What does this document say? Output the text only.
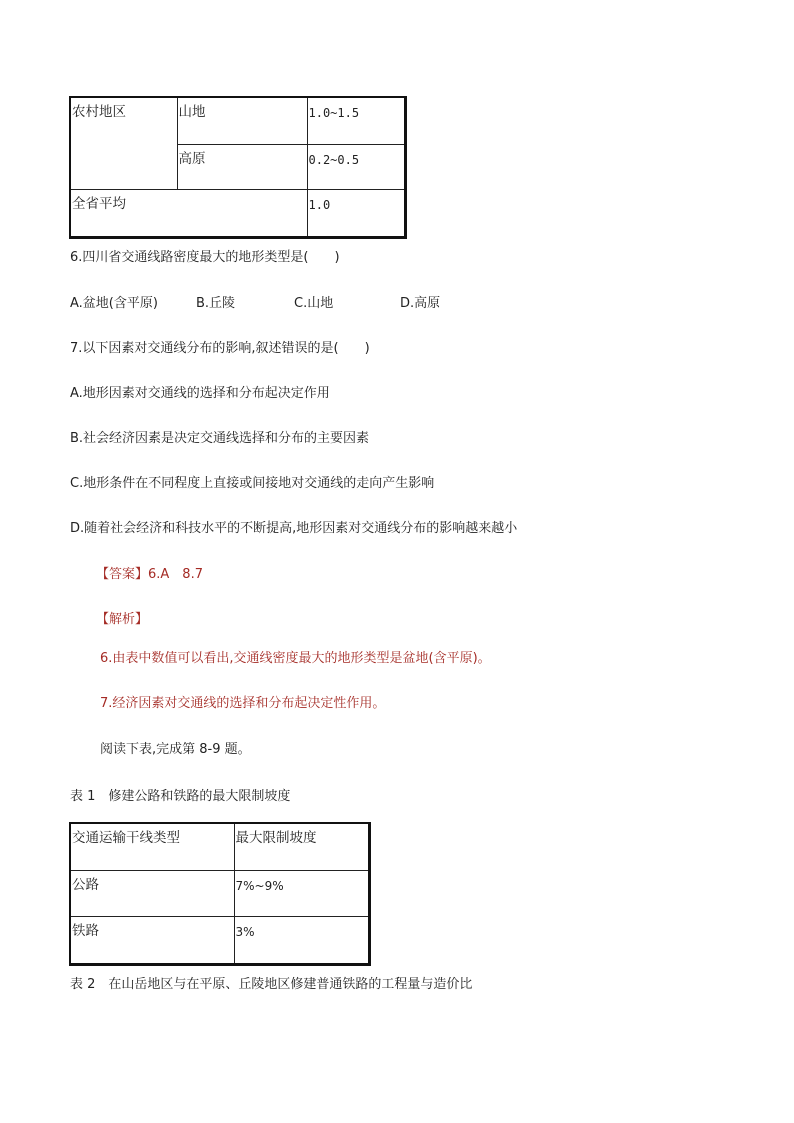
农村地区	山地	1.0~1.5
	高原	0.2~0.5
全省平均		1.0
6.四川省交通线路密度最大的地形类型是(　　)
A.盆地(含平原)	B.丘陵	C.山地	D.高原
7.以下因素对交通线分布的影响,叙述错误的是(　　)
A.地形因素对交通线的选择和分布起决定作用
B.社会经济因素是决定交通线选择和分布的主要因素
C.地形条件在不同程度上直接或间接地对交通线的走向产生影响
D.随着社会经济和科技水平的不断提高,地形因素对交通线分布的影响越来越小
【答案】6.A　8.7
【解析】
6.由表中数值可以看出,交通线密度最大的地形类型是盆地(含平原)。
7.经济因素对交通线的选择和分布起决定性作用。
阅读下表,完成第 8-9 题。
表 1　修建公路和铁路的最大限制坡度
交通运输干线类型	最大限制坡度
公路	7%~9%
铁路	3%
表 2　在山岳地区与在平原、丘陵地区修建普通铁路的工程量与造价比
